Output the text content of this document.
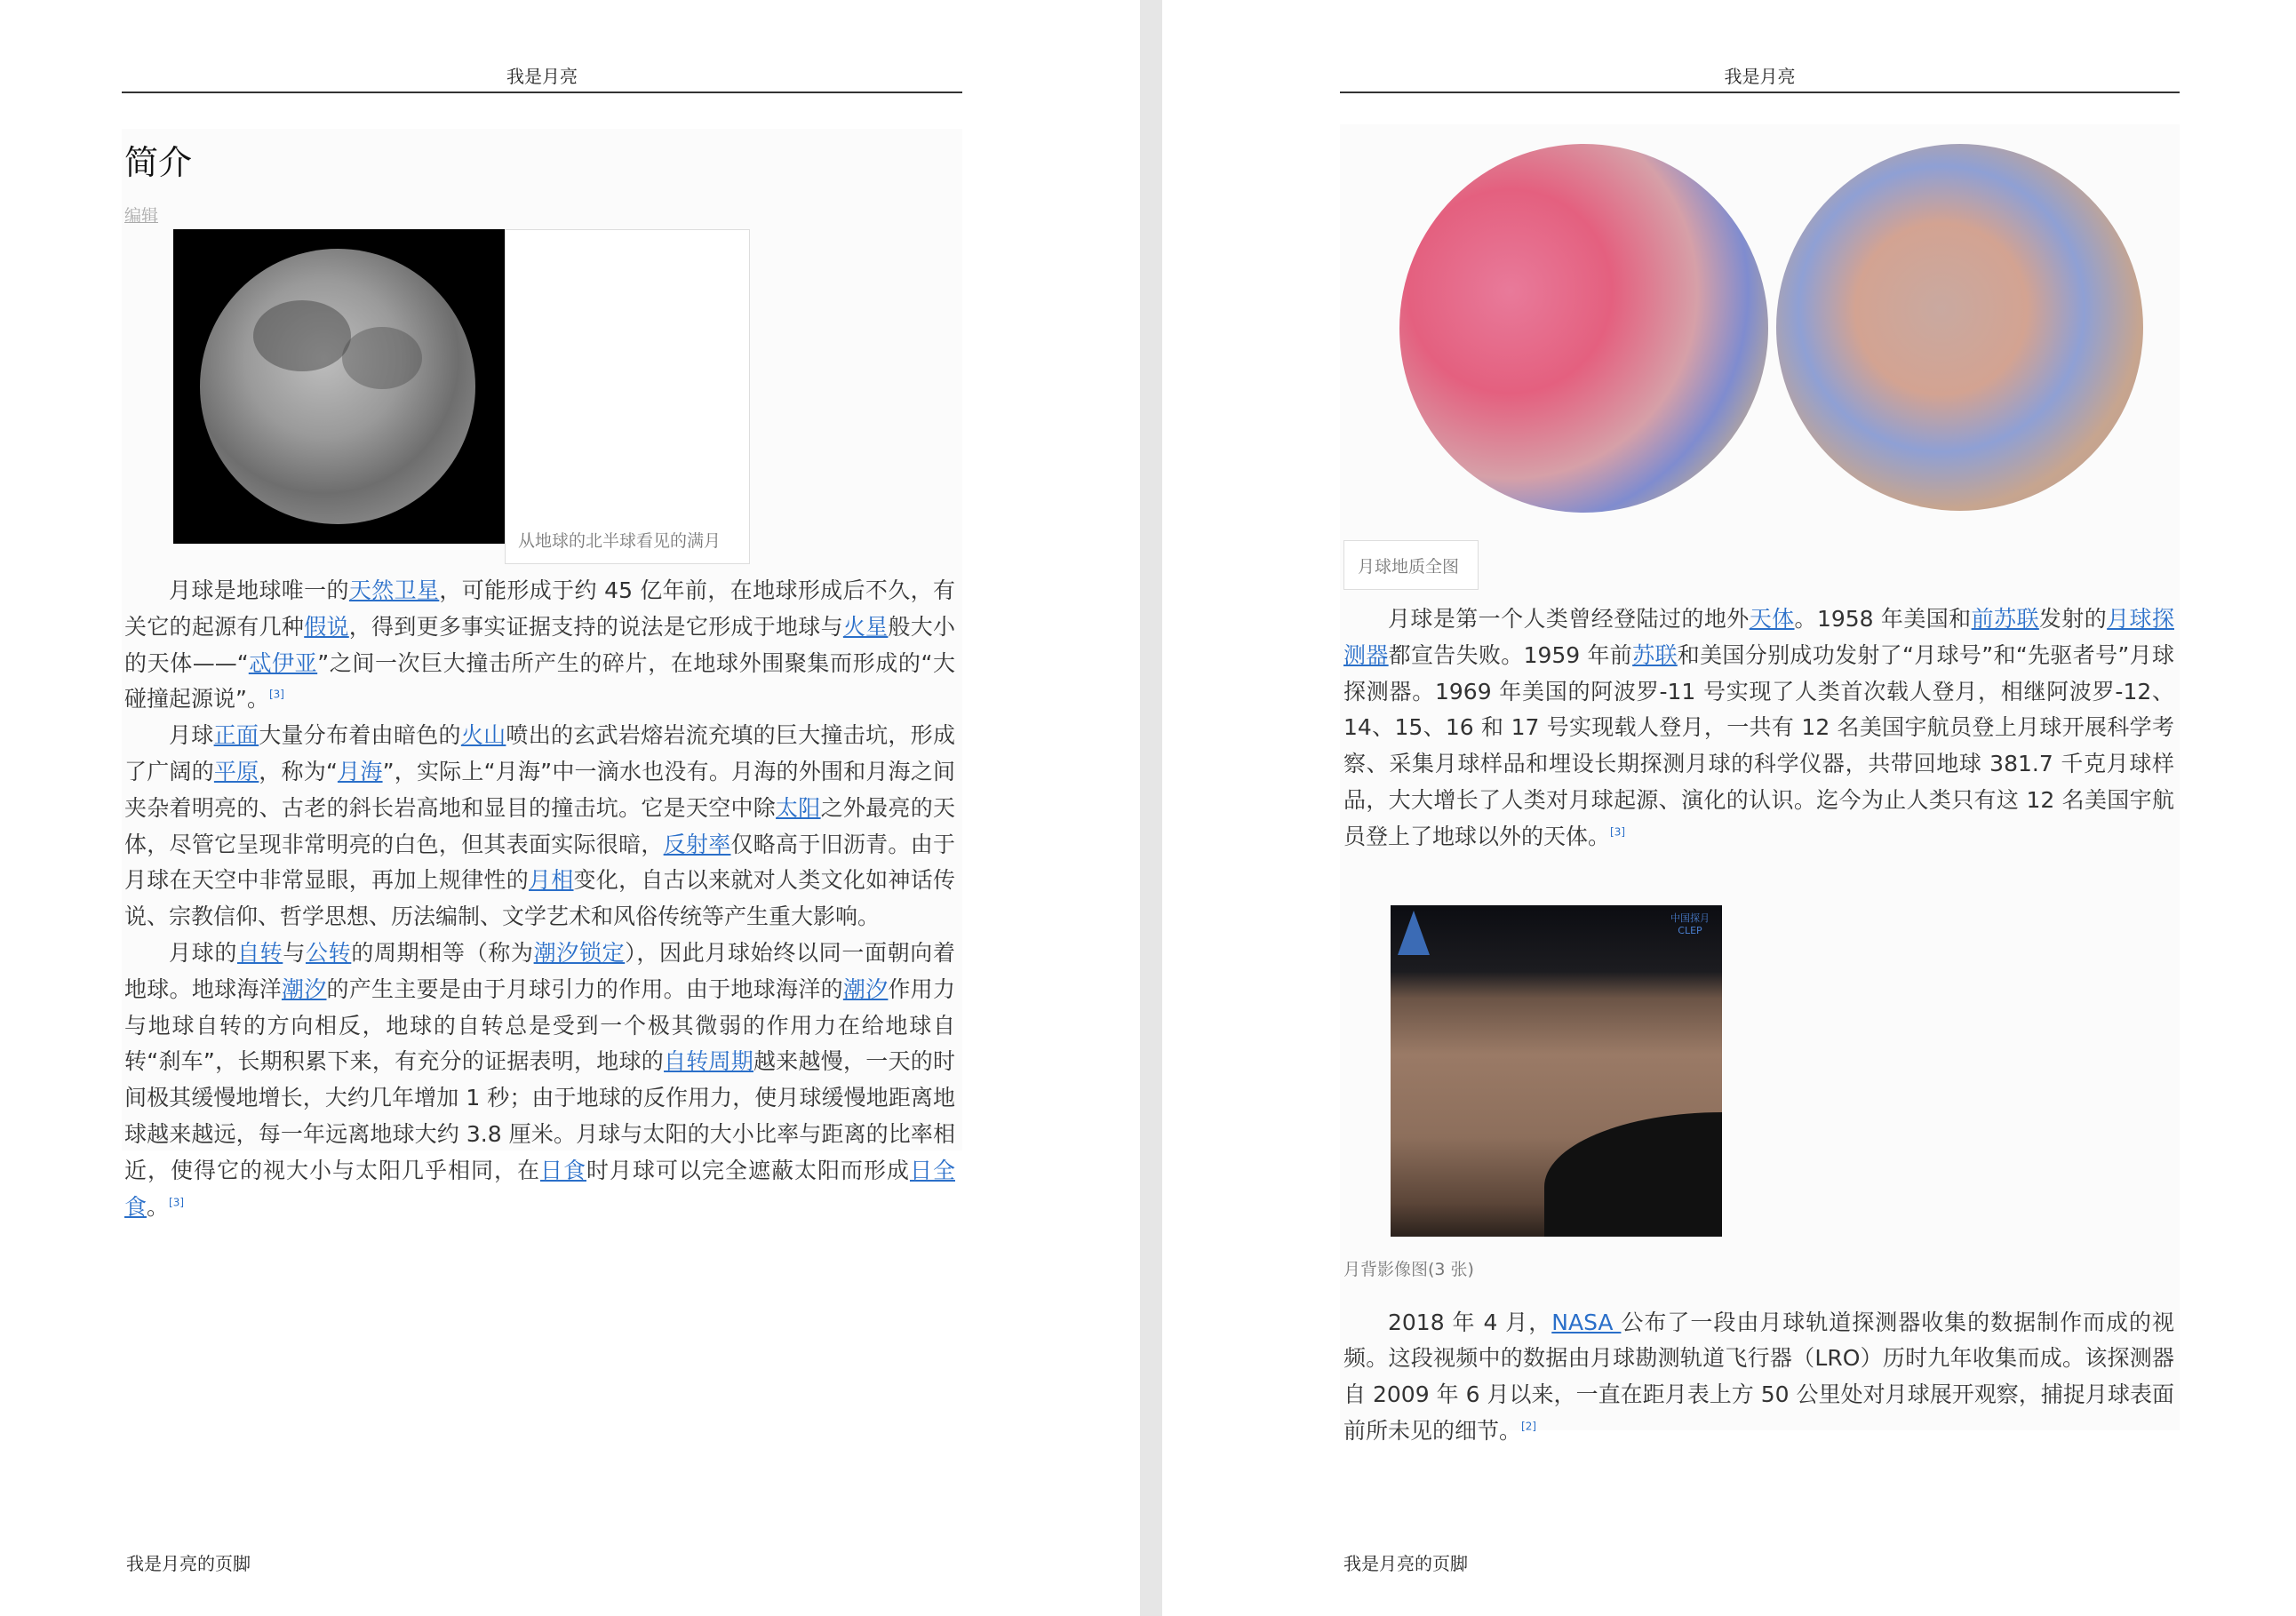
我是月亮
简介
编辑
从地球的北半球看见的满月

月球是地球唯一的天然卫星，可能形成于约 45 亿年前，在地球形成后不久，有关它的起源有几种假说，得到更多事实证据支持的说法是它形成于地球与火星般大小的天体——“忒伊亚”之间一次巨大撞击所产生的碎片，在地球外围聚集而形成的“大碰撞起源说”。[3]

月球正面大量分布着由暗色的火山喷出的玄武岩熔岩流充填的巨大撞击坑，形成了广阔的平原，称为“月海”，实际上“月海”中一滴水也没有。月海的外围和月海之间夹杂着明亮的、古老的斜长岩高地和显目的撞击坑。它是天空中除太阳之外最亮的天体，尽管它呈现非常明亮的白色，但其表面实际很暗，反射率仅略高于旧沥青。由于月球在天空中非常显眼，再加上规律性的月相变化，自古以来就对人类文化如神话传说、宗教信仰、哲学思想、历法编制、文学艺术和风俗传统等产生重大影响。

月球的自转与公转的周期相等（称为潮汐锁定），因此月球始终以同一面朝向着地球。地球海洋潮汐的产生主要是由于月球引力的作用。由于地球海洋的潮汐作用力与地球自转的方向相反，地球的自转总是受到一个极其微弱的作用力在给地球自转“刹车”，长期积累下来，有充分的证据表明，地球的自转周期越来越慢，一天的时间极其缓慢地增长，大约几年增加 1 秒；由于地球的反作用力，使月球缓慢地距离地球越来越远，每一年远离地球大约 3.8 厘米。月球与太阳的大小比率与距离的比率相近，使得它的视大小与太阳几乎相同，在日食时月球可以完全遮蔽太阳而形成日全食。[3]

我是月亮的页脚
我是月亮
月球地质全图

月球是第一个人类曾经登陆过的地外天体。1958 年美国和前苏联发射的月球探测器都宣告失败。1959 年前苏联和美国分别成功发射了“月球号”和“先驱者号”月球探测器。1969 年美国的阿波罗-11 号实现了人类首次载人登月，相继阿波罗-12、14、15、16 和 17 号实现载人登月，一共有 12 名美国宇航员登上月球开展科学考察、采集月球样品和埋设长期探测月球的科学仪器，共带回地球 381.7 千克月球样品，大大增长了人类对月球起源、演化的认识。迄今为止人类只有这 12 名美国宇航员登上了地球以外的天体。[3]

中国探月 CLEP
月背影像图(3 张)

2018 年 4 月，NASA 公布了一段由月球轨道探测器收集的数据制作而成的视频。这段视频中的数据由月球勘测轨道飞行器（LRO）历时九年收集而成。该探测器自 2009 年 6 月以来，一直在距月表上方 50 公里处对月球展开观察，捕捉月球表面前所未见的细节。[2]

我是月亮的页脚
